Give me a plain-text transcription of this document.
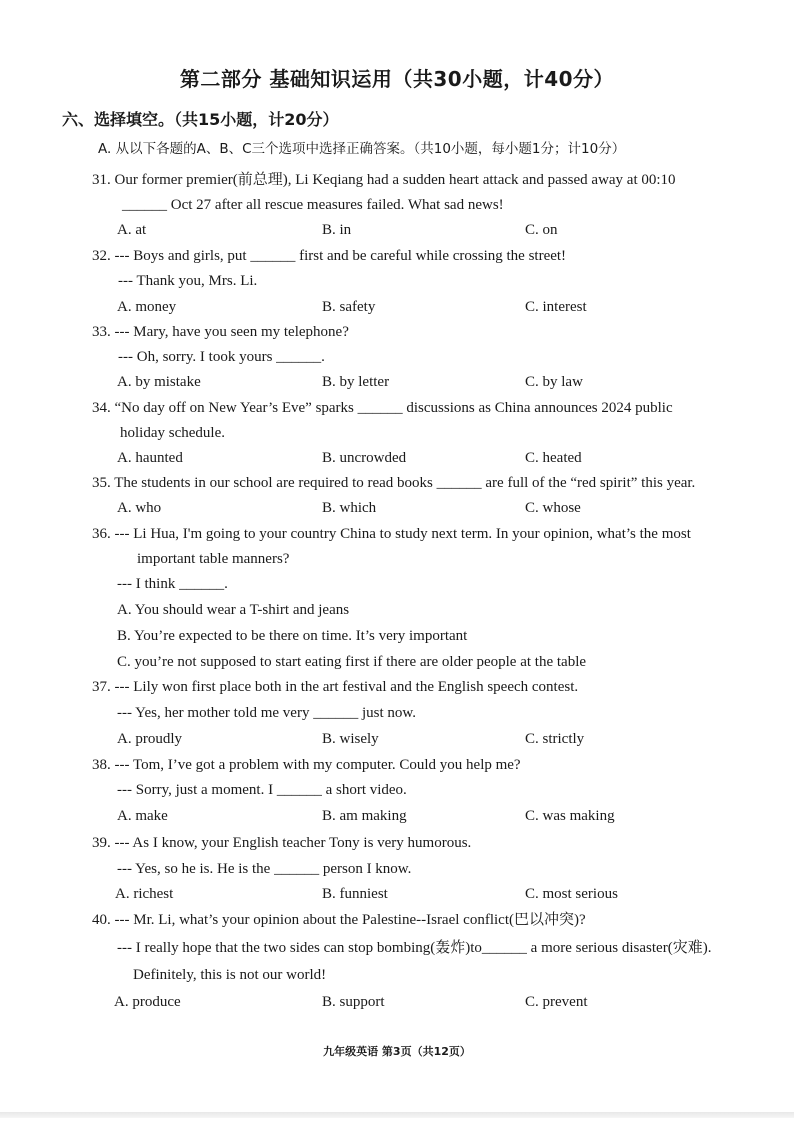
第二部分 基础知识运用（共30小题，计40分）
六、选择填空。（共15小题，计20分）
A. 从以下各题的A、B、C三个选项中选择正确答案。（共10小题，每小题1分；计10分）
31. Our former premier(前总理), Li Keqiang had a sudden heart attack and passed away at 00:10
______ Oct 27 after all rescue measures failed. What sad news!
A. at	B. in	C. on
32. --- Boys and girls, put ______ first and be careful while crossing the street!
--- Thank you, Mrs. Li.
A. money	B. safety	C. interest
33. --- Mary, have you seen my telephone?
--- Oh, sorry. I took yours ______.
A. by mistake	B. by letter	C. by law
34. “No day off on New Year’s Eve” sparks ______ discussions as China announces 2024 public
holiday schedule.
A. haunted	B. uncrowded	C. heated
35. The students in our school are required to read books ______ are full of the “red spirit” this year.
A. who	B. which	C. whose
36. --- Li Hua, I'm going to your country China to study next term. In your opinion, what’s the most
important table manners?
--- I think ______.
A. You should wear a T-shirt and jeans
B. You’re expected to be there on time. It’s very important
C. you’re not supposed to start eating first if there are older people at the table
37. --- Lily won first place both in the art festival and the English speech contest.
--- Yes, her mother told me very ______ just now.
A. proudly	B. wisely	C. strictly
38. --- Tom, I’ve got a problem with my computer. Could you help me?
--- Sorry, just a moment. I ______ a short video.
A. make	B. am making	C. was making
39. --- As I know, your English teacher Tony is very humorous.
--- Yes, so he is. He is the ______ person I know.
A. richest	B. funniest	C. most serious
40. --- Mr. Li, what’s your opinion about the Palestine--Israel conflict(巴以冲突)?
--- I really hope that the two sides can stop bombing(轰炸)to______ a more serious disaster(灾难).
Definitely, this is not our world!
A. produce	B. support	C. prevent
九年级英语 第3页（共12页）
